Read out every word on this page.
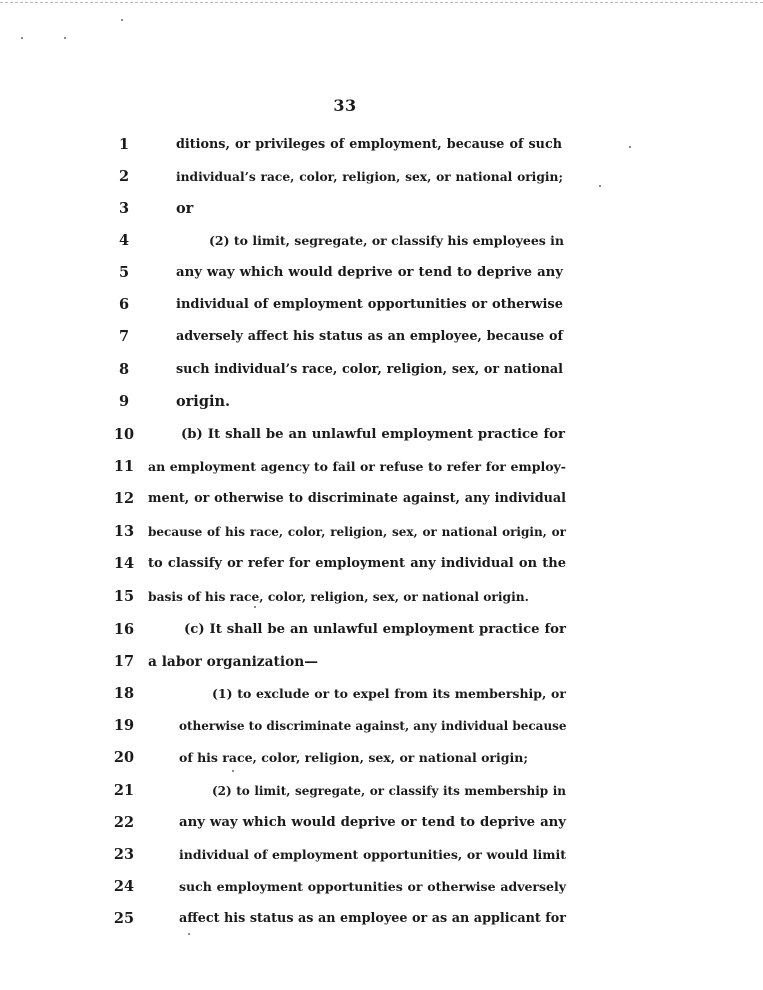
33
1	ditions, or privileges of employment, because of such
2	individual’s race, color, religion, sex, or national origin;
3	or
4	(2) to limit, segregate, or classify his employees in
5	any way which would deprive or tend to deprive any
6	individual of employment opportunities or otherwise
7	adversely affect his status as an employee, because of
8	such individual’s race, color, religion, sex, or national
9	origin.
10	(b) It shall be an unlawful employment practice for
11 an employment agency to fail or refuse to refer for employ-
12 ment, or otherwise to discriminate against, any individual
13 because of his race, color, religion, sex, or national origin, or
14 to classify or refer for employment any individual on the
15 basis of his race, color, religion, sex, or national origin.
16	(c) It shall be an unlawful employment practice for
17 a labor organization—
18	(1) to exclude or to expel from its membership, or
19	otherwise to discriminate against, any individual because
20	of his race, color, religion, sex, or national origin;
21	(2) to limit, segregate, or classify its membership in
22	any way which would deprive or tend to deprive any
23	individual of employment opportunities, or would limit
24	such employment opportunities or otherwise adversely
25	affect his status as an employee or as an applicant for
